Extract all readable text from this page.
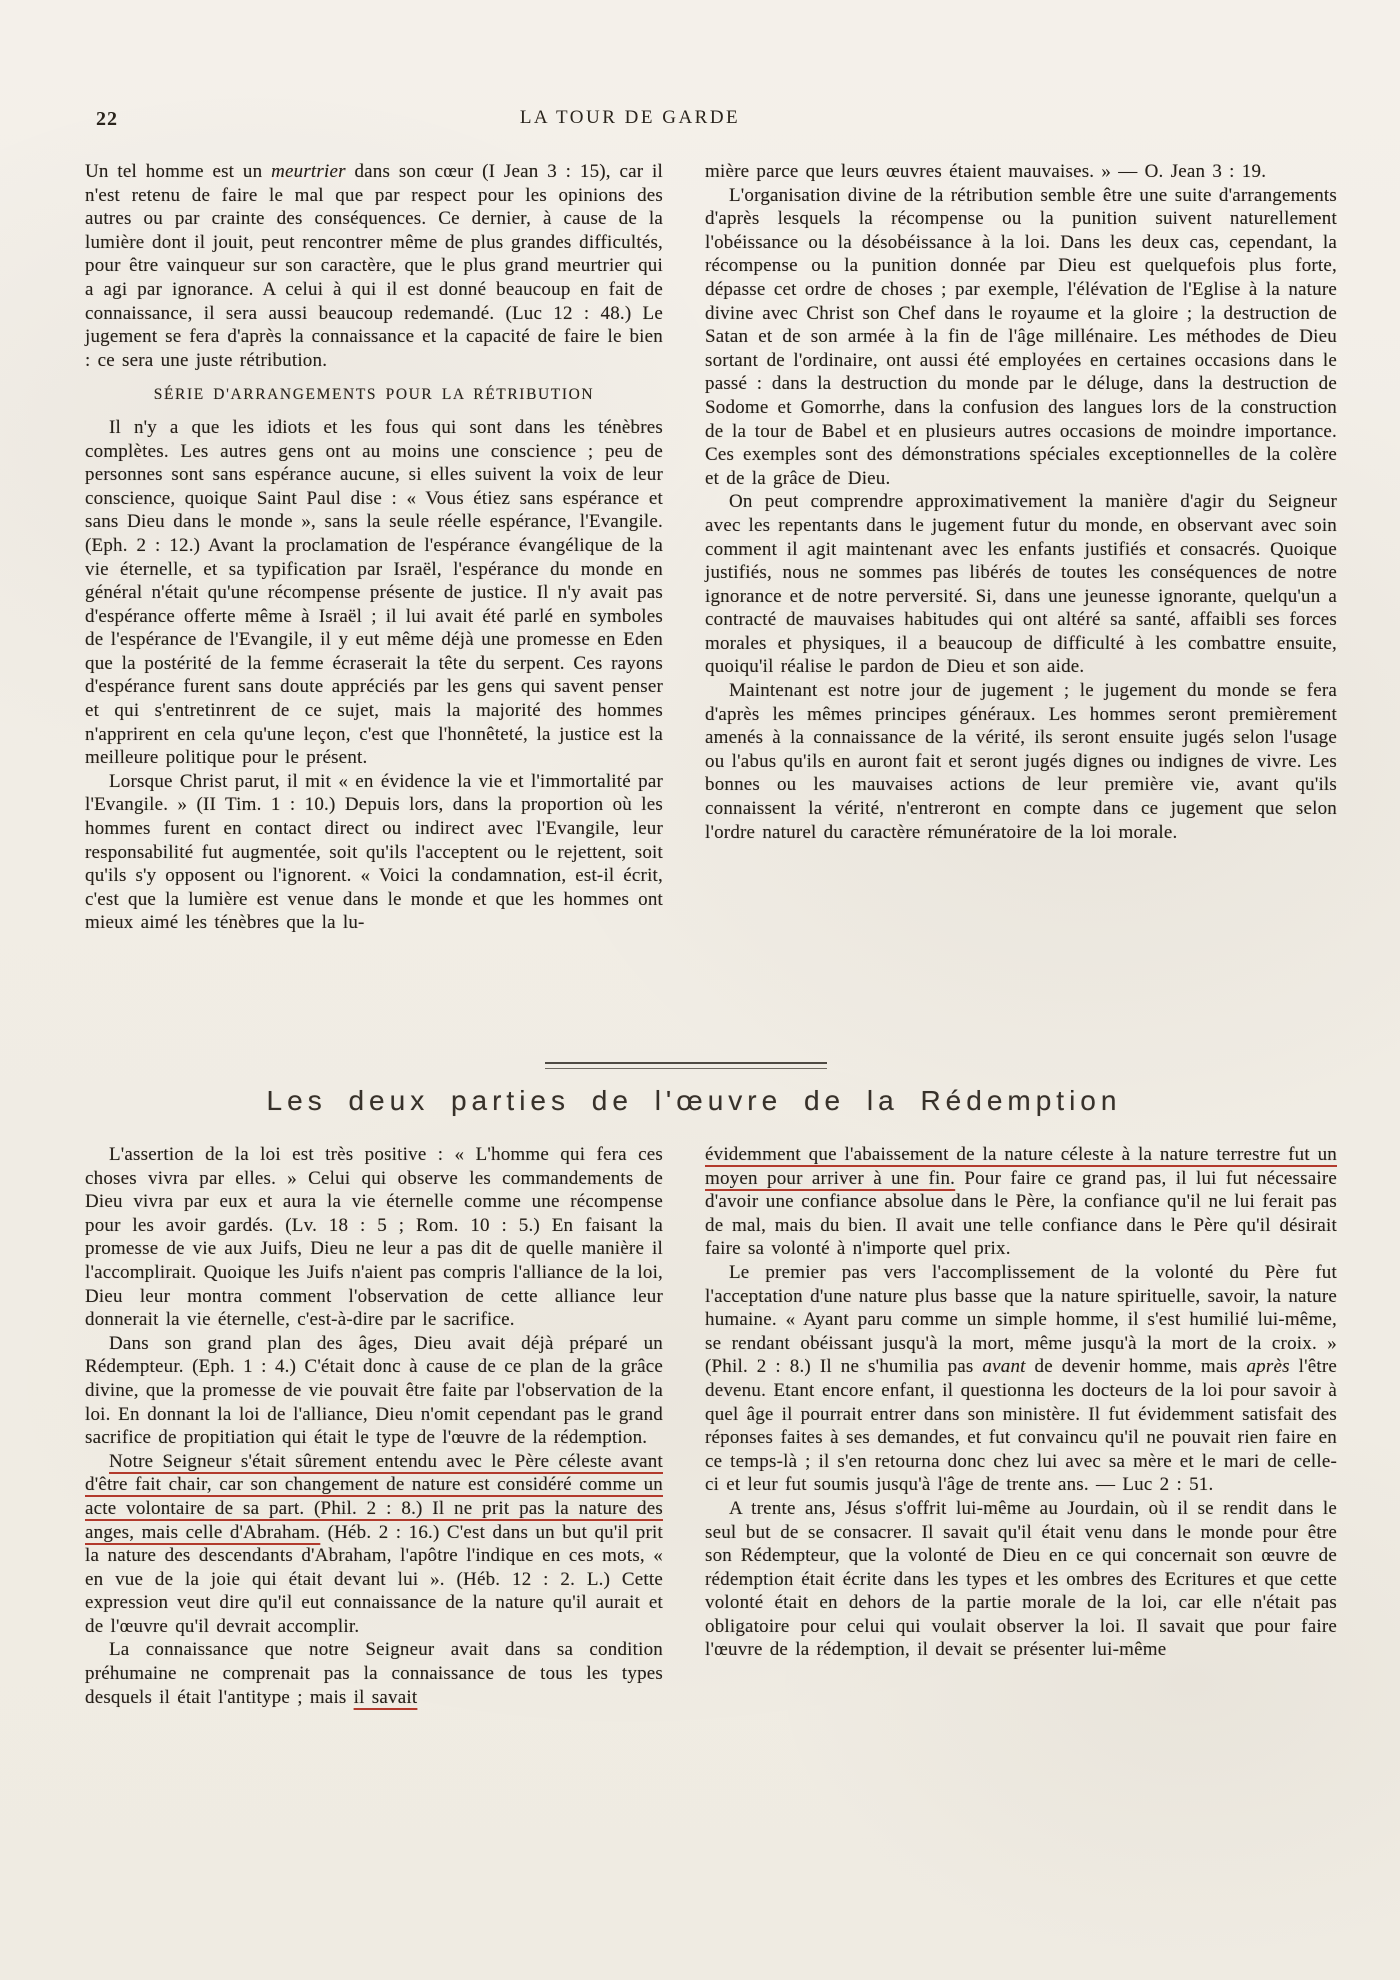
22	LA TOUR DE GARDE

Un tel homme est un meurtrier dans son cœur (I Jean 3 : 15), car il n'est retenu de faire le mal que par respect pour les opinions des autres ou par crainte des conséquences. Ce dernier, à cause de la lumière dont il jouit, peut rencontrer même de plus grandes difficultés, pour être vainqueur sur son caractère, que le plus grand meurtrier qui a agi par ignorance. A celui à qui il est donné beaucoup en fait de connaissance, il sera aussi beaucoup redemandé. (Luc 12 : 48.) Le jugement se fera d'après la connaissance et la capacité de faire le bien : ce sera une juste rétribution.

SÉRIE D'ARRANGEMENTS POUR LA RÉTRIBUTION

Il n'y a que les idiots et les fous qui sont dans les ténèbres complètes. Les autres gens ont au moins une conscience ; peu de personnes sont sans espérance aucune, si elles suivent la voix de leur conscience, quoique Saint Paul dise : « Vous étiez sans espérance et sans Dieu dans le monde », sans la seule réelle espérance, l'Evangile. (Eph. 2 : 12.) Avant la proclamation de l'espérance évangélique de la vie éternelle, et sa typification par Israël, l'espérance du monde en général n'était qu'une récompense présente de justice. Il n'y avait pas d'espérance offerte même à Israël ; il lui avait été parlé en symboles de l'espérance de l'Evangile, il y eut même déjà une promesse en Eden que la postérité de la femme écraserait la tête du serpent. Ces rayons d'espérance furent sans doute appréciés par les gens qui savent penser et qui s'entretinrent de ce sujet, mais la majorité des hommes n'apprirent en cela qu'une leçon, c'est que l'honnêteté, la justice est la meilleure politique pour le présent.

Lorsque Christ parut, il mit « en évidence la vie et l'immortalité par l'Evangile. » (II Tim. 1 : 10.) Depuis lors, dans la proportion où les hommes furent en contact direct ou indirect avec l'Evangile, leur responsabilité fut augmentée, soit qu'ils l'acceptent ou le rejettent, soit qu'ils s'y opposent ou l'ignorent. « Voici la condamnation, est-il écrit, c'est que la lumière est venue dans le monde et que les hommes ont mieux aimé les ténèbres que la lu-

mière parce que leurs œuvres étaient mauvaises. » — O. Jean 3 : 19.

L'organisation divine de la rétribution semble être une suite d'arrangements d'après lesquels la récompense ou la punition suivent naturellement l'obéissance ou la désobéissance à la loi. Dans les deux cas, cependant, la récompense ou la punition donnée par Dieu est quelquefois plus forte, dépasse cet ordre de choses ; par exemple, l'élévation de l'Eglise à la nature divine avec Christ son Chef dans le royaume et la gloire ; la destruction de Satan et de son armée à la fin de l'âge millénaire. Les méthodes de Dieu sortant de l'ordinaire, ont aussi été employées en certaines occasions dans le passé : dans la destruction du monde par le déluge, dans la destruction de Sodome et Gomorrhe, dans la confusion des langues lors de la construction de la tour de Babel et en plusieurs autres occasions de moindre importance. Ces exemples sont des démonstrations spéciales exceptionnelles de la colère et de la grâce de Dieu.

On peut comprendre approximativement la manière d'agir du Seigneur avec les repentants dans le jugement futur du monde, en observant avec soin comment il agit maintenant avec les enfants justifiés et consacrés. Quoique justifiés, nous ne sommes pas libérés de toutes les conséquences de notre ignorance et de notre perversité. Si, dans une jeunesse ignorante, quelqu'un a contracté de mauvaises habitudes qui ont altéré sa santé, affaibli ses forces morales et physiques, il a beaucoup de difficulté à les combattre ensuite, quoiqu'il réalise le pardon de Dieu et son aide.

Maintenant est notre jour de jugement ; le jugement du monde se fera d'après les mêmes principes généraux. Les hommes seront premièrement amenés à la connaissance de la vérité, ils seront ensuite jugés selon l'usage ou l'abus qu'ils en auront fait et seront jugés dignes ou indignes de vivre. Les bonnes ou les mauvaises actions de leur première vie, avant qu'ils connaissent la vérité, n'entreront en compte dans ce jugement que selon l'ordre naturel du caractère rémunératoire de la loi morale.

Les deux parties de l'œuvre de la Rédemption

L'assertion de la loi est très positive : « L'homme qui fera ces choses vivra par elles. » Celui qui observe les commandements de Dieu vivra par eux et aura la vie éternelle comme une récompense pour les avoir gardés. (Lv. 18 : 5 ; Rom. 10 : 5.) En faisant la promesse de vie aux Juifs, Dieu ne leur a pas dit de quelle manière il l'accomplirait. Quoique les Juifs n'aient pas compris l'alliance de la loi, Dieu leur montra comment l'observation de cette alliance leur donnerait la vie éternelle, c'est-à-dire par le sacrifice.

Dans son grand plan des âges, Dieu avait déjà préparé un Rédempteur. (Eph. 1 : 4.) C'était donc à cause de ce plan de la grâce divine, que la promesse de vie pouvait être faite par l'observation de la loi. En donnant la loi de l'alliance, Dieu n'omit cependant pas le grand sacrifice de propitiation qui était le type de l'œuvre de la rédemption.

Notre Seigneur s'était sûrement entendu avec le Père céleste avant d'être fait chair, car son changement de nature est considéré comme un acte volontaire de sa part. (Phil. 2 : 8.) Il ne prit pas la nature des anges, mais celle d'Abraham. (Héb. 2 : 16.) C'est dans un but qu'il prit la nature des descendants d'Abraham, l'apôtre l'indique en ces mots, « en vue de la joie qui était devant lui ». (Héb. 12 : 2. L.) Cette expression veut dire qu'il eut connaissance de la nature qu'il aurait et de l'œuvre qu'il devrait accomplir.

La connaissance que notre Seigneur avait dans sa condition préhumaine ne comprenait pas la connaissance de tous les types desquels il était l'antitype ; mais il savait

évidemment que l'abaissement de la nature céleste à la nature terrestre fut un moyen pour arriver à une fin. Pour faire ce grand pas, il lui fut nécessaire d'avoir une confiance absolue dans le Père, la confiance qu'il ne lui ferait pas de mal, mais du bien. Il avait une telle confiance dans le Père qu'il désirait faire sa volonté à n'importe quel prix.

Le premier pas vers l'accomplissement de la volonté du Père fut l'acceptation d'une nature plus basse que la nature spirituelle, savoir, la nature humaine. « Ayant paru comme un simple homme, il s'est humilié lui-même, se rendant obéissant jusqu'à la mort, même jusqu'à la mort de la croix. » (Phil. 2 : 8.) Il ne s'humilia pas avant de devenir homme, mais après l'être devenu. Etant encore enfant, il questionna les docteurs de la loi pour savoir à quel âge il pourrait entrer dans son ministère. Il fut évidemment satisfait des réponses faites à ses demandes, et fut convaincu qu'il ne pouvait rien faire en ce temps-là ; il s'en retourna donc chez lui avec sa mère et le mari de celle-ci et leur fut soumis jusqu'à l'âge de trente ans. — Luc 2 : 51.

A trente ans, Jésus s'offrit lui-même au Jourdain, où il se rendit dans le seul but de se consacrer. Il savait qu'il était venu dans le monde pour être son Rédempteur, que la volonté de Dieu en ce qui concernait son œuvre de rédemption était écrite dans les types et les ombres des Ecritures et que cette volonté était en dehors de la partie morale de la loi, car elle n'était pas obligatoire pour celui qui voulait observer la loi. Il savait que pour faire l'œuvre de la rédemption, il devait se présenter lui-même
